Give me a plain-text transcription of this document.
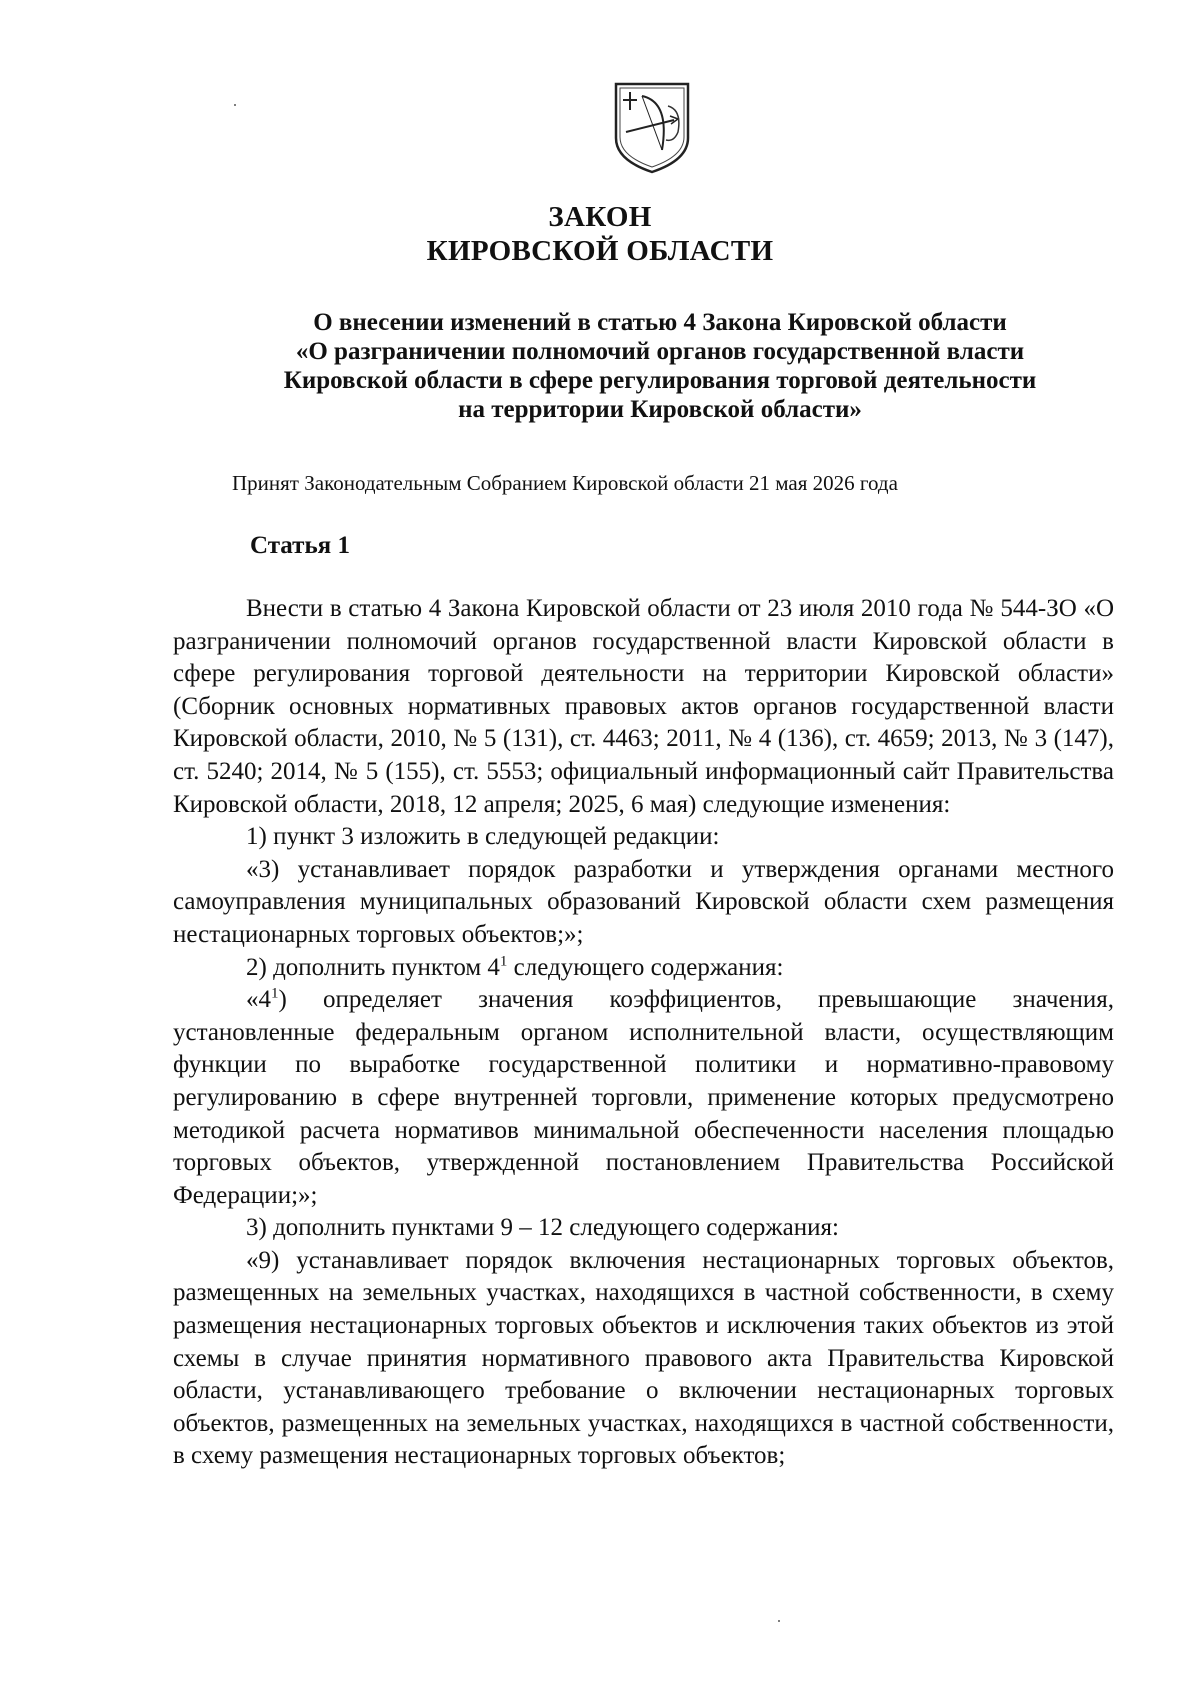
ЗАКОН
КИРОВСКОЙ ОБЛАСТИ
О внесении изменений в статью 4 Закона Кировской области
«О разграничении полномочий органов государственной власти
Кировской области в сфере регулирования торговой деятельности
на территории Кировской области»
Принят Законодательным Собранием Кировской области 21 мая 2026 года
Статья 1

Внести в статью 4 Закона Кировской области от 23 июля 2010 года № 544-ЗО «О разграничении полномочий органов государственной власти Кировской области в сфере регулирования торговой деятельности на территории Кировской области» (Сборник основных нормативных правовых актов органов государственной власти Кировской области, 2010, № 5 (131), ст. 4463; 2011, № 4 (136), ст. 4659; 2013, № 3 (147), ст. 5240; 2014, № 5 (155), ст. 5553; официальный информационный сайт Правительства Кировской области, 2018, 12 апреля; 2025, 6 мая) следующие изменения:

1) пункт 3 изложить в следующей редакции:

«3) устанавливает порядок разработки и утверждения органами местного самоуправления муниципальных образований Кировской области схем размещения нестационарных торговых объектов;»;

2) дополнить пунктом $4^1$ следующего содержания:

«$4^1$) определяет значения коэффициентов, превышающие значения, установленные федеральным органом исполнительной власти, осуществляющим функции по выработке государственной политики и нормативно-правовому регулированию в сфере внутренней торговли, применение которых предусмотрено методикой расчета нормативов минимальной обеспеченности населения площадью торговых объектов, утвержденной постановлением Правительства Российской Федерации;»;

3) дополнить пунктами 9 – 12 следующего содержания:

«9) устанавливает порядок включения нестационарных торговых объектов, размещенных на земельных участках, находящихся в частной собственности, в схему размещения нестационарных торговых объектов и исключения таких объектов из этой схемы в случае принятия нормативного правового акта Правительства Кировской области, устанавливающего требование о включении нестационарных торговых объектов, размещенных на земельных участках, находящихся в частной собственности, в схему размещения нестационарных торговых объектов;
